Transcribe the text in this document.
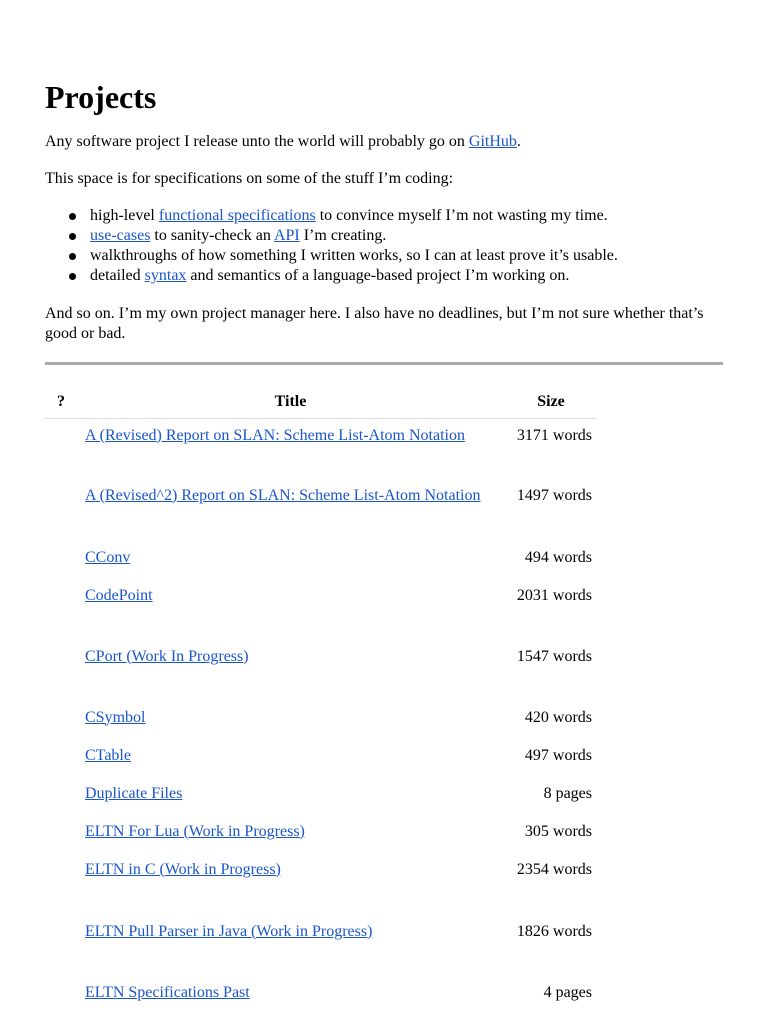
Projects

Any software project I release unto the world will probably go on GitHub.

This space is for specifications on some of the stuff I’m coding:

high-level functional specifications to convince myself I’m not wasting my time.
use-cases to sanity-check an API I’m creating.
walkthroughs of how something I written works, so I can at least prove it’s usable.
detailed syntax and semantics of a language-based project I’m working on.

And so on. I’m my own project manager here. I also have no deadlines, but I’m not sure whether that’s good or bad.

?	Title	Size
	A (Revised) Report on SLAN: Scheme List-Atom Notation	3171 words
	A (Revised^2) Report on SLAN: Scheme List-Atom Notation	1497 words
	CConv	494 words
	CodePoint	2031 words
	CPort (Work In Progress)	1547 words
	CSymbol	420 words
	CTable	497 words
	Duplicate Files	8 pages
	ELTN For Lua (Work in Progress)	305 words
	ELTN in C (Work in Progress)	2354 words
	ELTN Pull Parser in Java (Work in Progress)	1826 words
	ELTN Specifications Past	4 pages
